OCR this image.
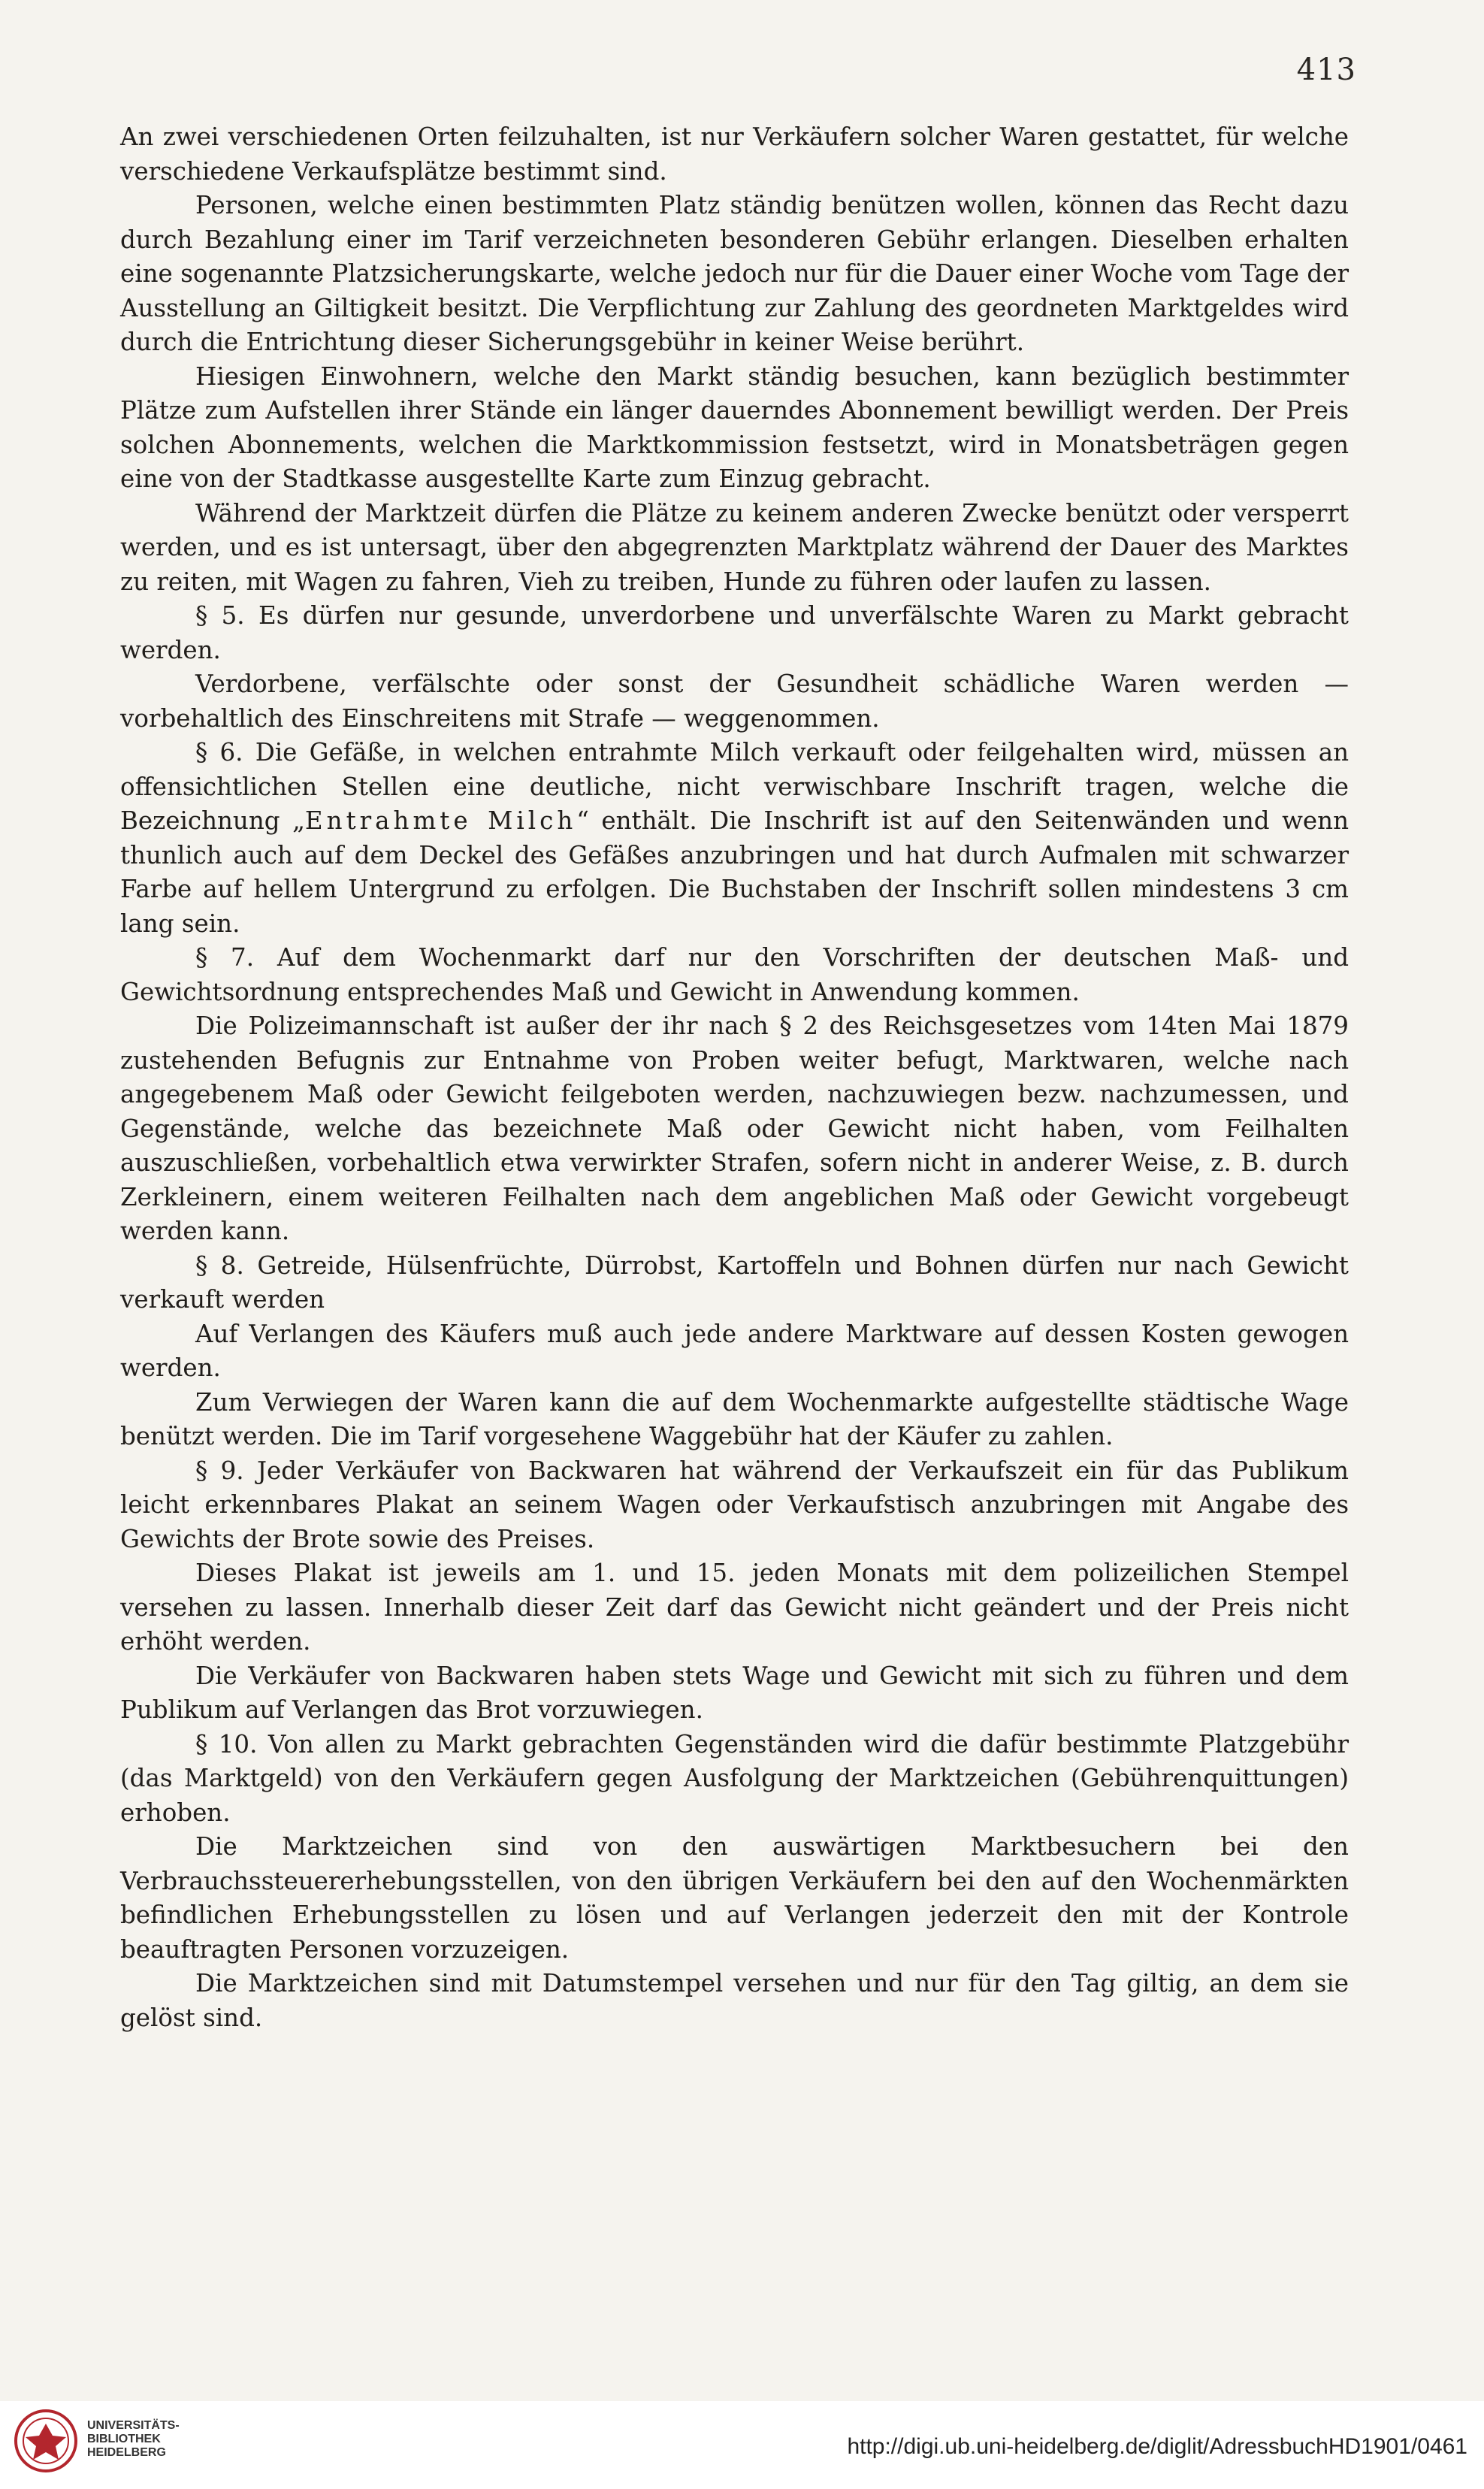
413

An zwei verschiedenen Orten feilzuhalten, ist nur Verkäufern solcher Waren gestattet, für welche verschiedene Verkaufsplätze bestimmt sind.

Personen, welche einen bestimmten Platz ständig benützen wollen, können das Recht dazu durch Bezahlung einer im Tarif verzeichneten besonderen Gebühr erlangen. Dieselben erhalten eine sogenannte Platzsicherungskarte, welche jedoch nur für die Dauer einer Woche vom Tage der Ausstellung an Giltigkeit besitzt. Die Verpflichtung zur Zahlung des geordneten Marktgeldes wird durch die Entrichtung dieser Sicherungsgebühr in keiner Weise berührt.

Hiesigen Einwohnern, welche den Markt ständig besuchen, kann bezüglich bestimmter Plätze zum Aufstellen ihrer Stände ein länger dauerndes Abonnement bewilligt werden. Der Preis solchen Abonnements, welchen die Marktkommission festsetzt, wird in Monatsbeträgen gegen eine von der Stadtkasse ausgestellte Karte zum Einzug gebracht.

Während der Marktzeit dürfen die Plätze zu keinem anderen Zwecke benützt oder versperrt werden, und es ist untersagt, über den abgegrenzten Marktplatz während der Dauer des Marktes zu reiten, mit Wagen zu fahren, Vieh zu treiben, Hunde zu führen oder laufen zu lassen.

§ 5. Es dürfen nur gesunde, unverdorbene und unverfälschte Waren zu Markt gebracht werden.

Verdorbene, verfälschte oder sonst der Gesundheit schädliche Waren werden — vorbehaltlich des Einschreitens mit Strafe — weggenommen.

§ 6. Die Gefäße, in welchen entrahmte Milch verkauft oder feilgehalten wird, müssen an offensichtlichen Stellen eine deutliche, nicht verwischbare Inschrift tragen, welche die Bezeichnung „Entrahmte Milch“ enthält. Die Inschrift ist auf den Seitenwänden und wenn thunlich auch auf dem Deckel des Gefäßes anzubringen und hat durch Aufmalen mit schwarzer Farbe auf hellem Untergrund zu erfolgen. Die Buchstaben der Inschrift sollen mindestens 3 cm lang sein.

§ 7. Auf dem Wochenmarkt darf nur den Vorschriften der deutschen Maß- und Gewichtsordnung entsprechendes Maß und Gewicht in Anwendung kommen.

Die Polizeimannschaft ist außer der ihr nach § 2 des Reichsgesetzes vom 14ten Mai 1879 zustehenden Befugnis zur Entnahme von Proben weiter befugt, Marktwaren, welche nach angegebenem Maß oder Gewicht feilgeboten werden, nachzuwiegen bezw. nachzumessen, und Gegenstände, welche das bezeichnete Maß oder Gewicht nicht haben, vom Feilhalten auszuschließen, vorbehaltlich etwa verwirkter Strafen, sofern nicht in anderer Weise, z. B. durch Zerkleinern, einem weiteren Feilhalten nach dem angeblichen Maß oder Gewicht vorgebeugt werden kann.

§ 8. Getreide, Hülsenfrüchte, Dürrobst, Kartoffeln und Bohnen dürfen nur nach Gewicht verkauft werden

Auf Verlangen des Käufers muß auch jede andere Marktware auf dessen Kosten gewogen werden.

Zum Verwiegen der Waren kann die auf dem Wochenmarkte aufgestellte städtische Wage benützt werden. Die im Tarif vorgesehene Waggebühr hat der Käufer zu zahlen.

§ 9. Jeder Verkäufer von Backwaren hat während der Verkaufszeit ein für das Publikum leicht erkennbares Plakat an seinem Wagen oder Verkaufstisch anzubringen mit Angabe des Gewichts der Brote sowie des Preises.

Dieses Plakat ist jeweils am 1. und 15. jeden Monats mit dem polizeilichen Stempel versehen zu lassen. Innerhalb dieser Zeit darf das Gewicht nicht geändert und der Preis nicht erhöht werden.

Die Verkäufer von Backwaren haben stets Wage und Gewicht mit sich zu führen und dem Publikum auf Verlangen das Brot vorzuwiegen.

§ 10. Von allen zu Markt gebrachten Gegenständen wird die dafür bestimmte Platzgebühr (das Marktgeld) von den Verkäufern gegen Ausfolgung der Marktzeichen (Gebührenquittungen) erhoben.

Die Marktzeichen sind von den auswärtigen Marktbesuchern bei den Verbrauchssteuererhebungsstellen, von den übrigen Verkäufern bei den auf den Wochenmärkten befindlichen Erhebungsstellen zu lösen und auf Verlangen jederzeit den mit der Kontrole beauftragten Personen vorzuzeigen.

Die Marktzeichen sind mit Datumstempel versehen und nur für den Tag giltig, an dem sie gelöst sind.

UNIVERSITÄTS-
BIBLIOTHEK
HEIDELBERG	http://digi.ub.uni-heidelberg.de/diglit/AdressbuchHD1901/0461
